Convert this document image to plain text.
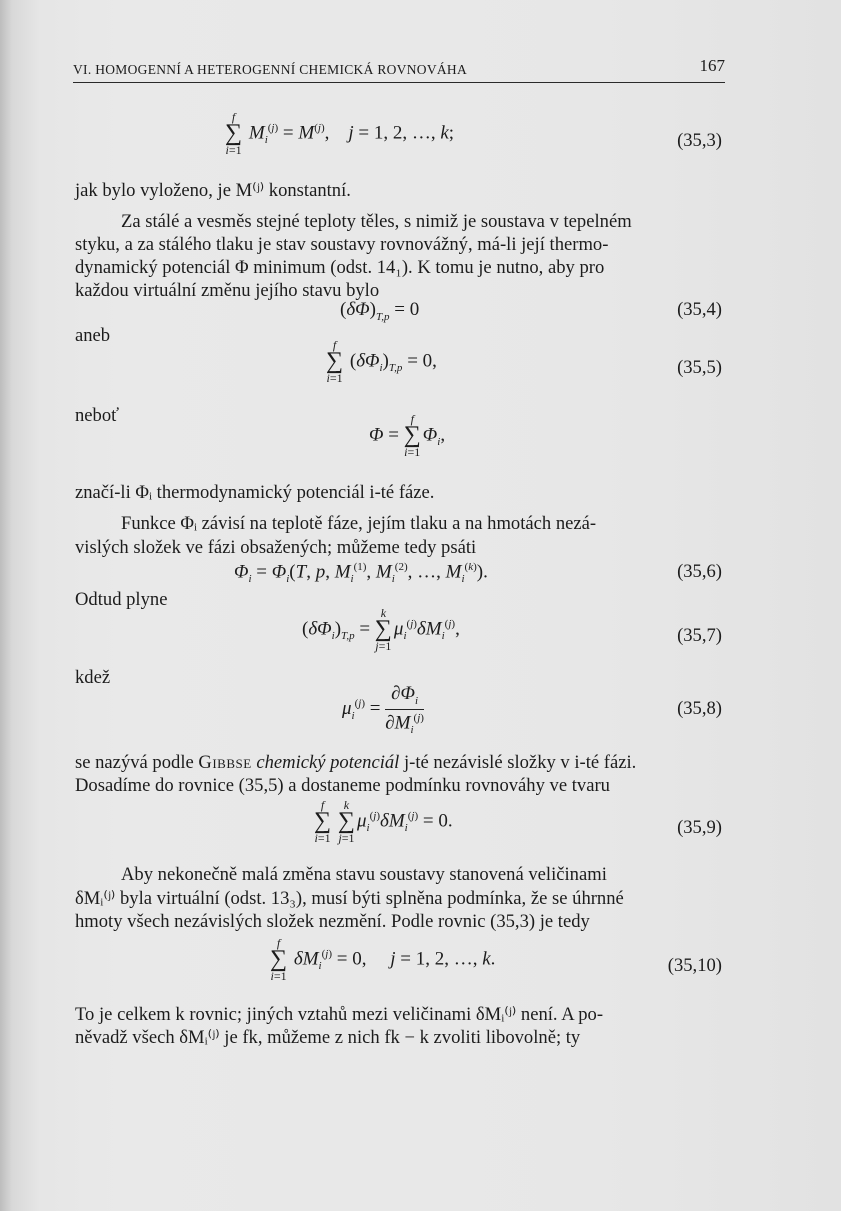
VI. HOMOGENNÍ A HETEROGENNÍ CHEMICKÁ ROVNOVÁHA	167
f
∑
i=1
$M_i^{(j)} = M^{(j)}$,    j = 1, 2, …, k;	(35,3)
jak bylo vyloženo, je M⁽ʲ⁾ konstantní.
Za stálé a vesměs stejné teploty těles, s nimiž je soustava v tepelném
styku, a za stálého tlaku je stav soustavy rovnovážný, má-li její thermo-
dynamický potenciál Φ minimum (odst. 14₁). K tomu je nutno, aby pro
každou virtuální změnu jejího stavu bylo
$(\delta\Phi)_{T,p} = 0$	(35,4)
aneb	f
∑
i=1
$(\delta\Phi_i)_{T,p} = 0$,	(35,5)
neboť
Φ =
f
∑
i=1
$\Phi_i$,
značí-li Φᵢ thermodynamický potenciál i-té fáze.
Funkce Φᵢ závisí na teplotě fáze, jejím tlaku a na hmotách nezá-
vislých složek ve fázi obsažených; můžeme tedy psáti
$\Phi_i = \Phi_i(T$, p, $M_i^{(1)}$, $M_i^{(2)}$, …, $M_i^{(k)}$).	(35,6)
Odtud plyne
$(\delta\Phi_i)_{T,p}$ =
k
∑
j=1
$\mu_i^{(j)}\delta M_i^{(j)}$,	(35,7)
kdež
$\mu_i^{(j)} = \frac{\partial\Phi_i}{\partial M_i^{(j)}}$	(35,8)
se nazývá podle Gibbse chemický potenciál j-té nezávislé složky v i-té fázi.
Dosadíme do rovnice (35,5) a dostaneme podmínku rovnováhy ve tvaru
f
∑
i=1

k
∑
j=1
$\mu_i^{(j)}\delta M_i^{(j)} = 0$.	(35,9)
Aby nekonečně malá změna stavu soustavy stanovená veličinami
δMᵢ⁽ʲ⁾ byla virtuální (odst. 13₃), musí býti splněna podmínka, že se úhrnné
hmoty všech nezávislých složek nezmění. Podle rovnic (35,3) je tedy
f
∑
i=1
$\delta M_i^{(j)} = 0$,     j = 1, 2, …, k.	(35,10)
To je celkem k rovnic; jiných vztahů mezi veličinami δMᵢ⁽ʲ⁾ není. A po-
něvadž všech δMᵢ⁽ʲ⁾ je fk, můžeme z nich fk − k zvoliti libovolně; ty
